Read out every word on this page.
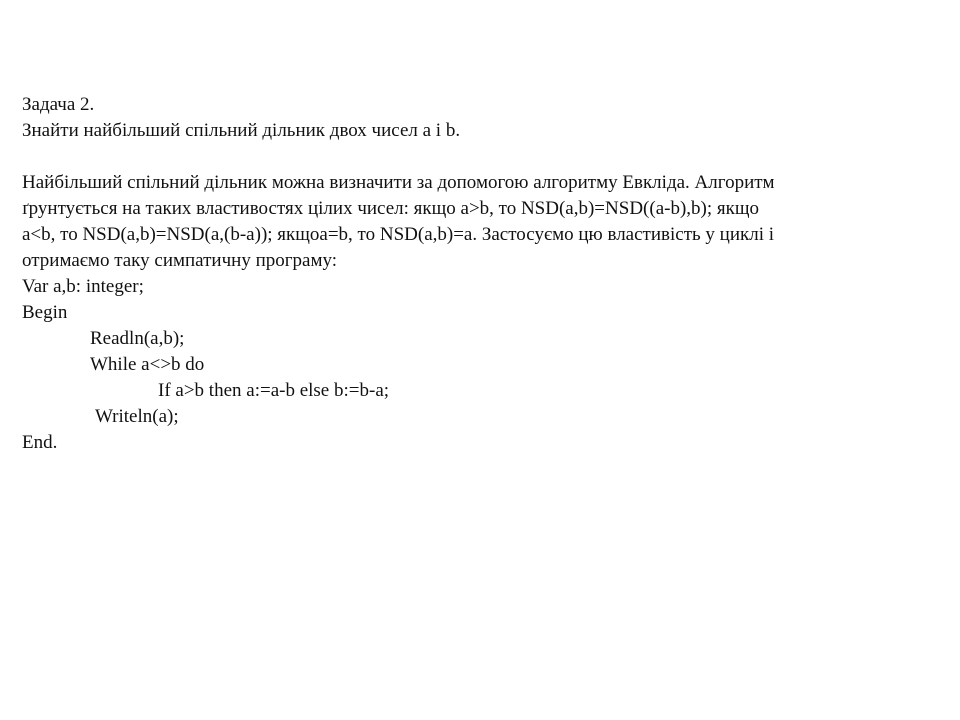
Задача 2.
Знайти найбільший спільний дільник двох чисел a і b.
Найбільший спільний дільник можна визначити за допомогою алгоритму Евкліда. Алгоритм
ґрунтується на таких властивостях цілих чисел: якщо a>b, то NSD(a,b)=NSD((a-b),b); якщо
a<b, то NSD(a,b)=NSD(a,(b-a)); якщоa=b, то NSD(a,b)=a. Застосуємо цю властивість у циклі і
отримаємо таку симпатичну програму:
Var a,b: integer;
Begin
Readln(a,b);
While a<>b do
If a>b then a:=a-b else b:=b-a;
Writeln(a);
End.
